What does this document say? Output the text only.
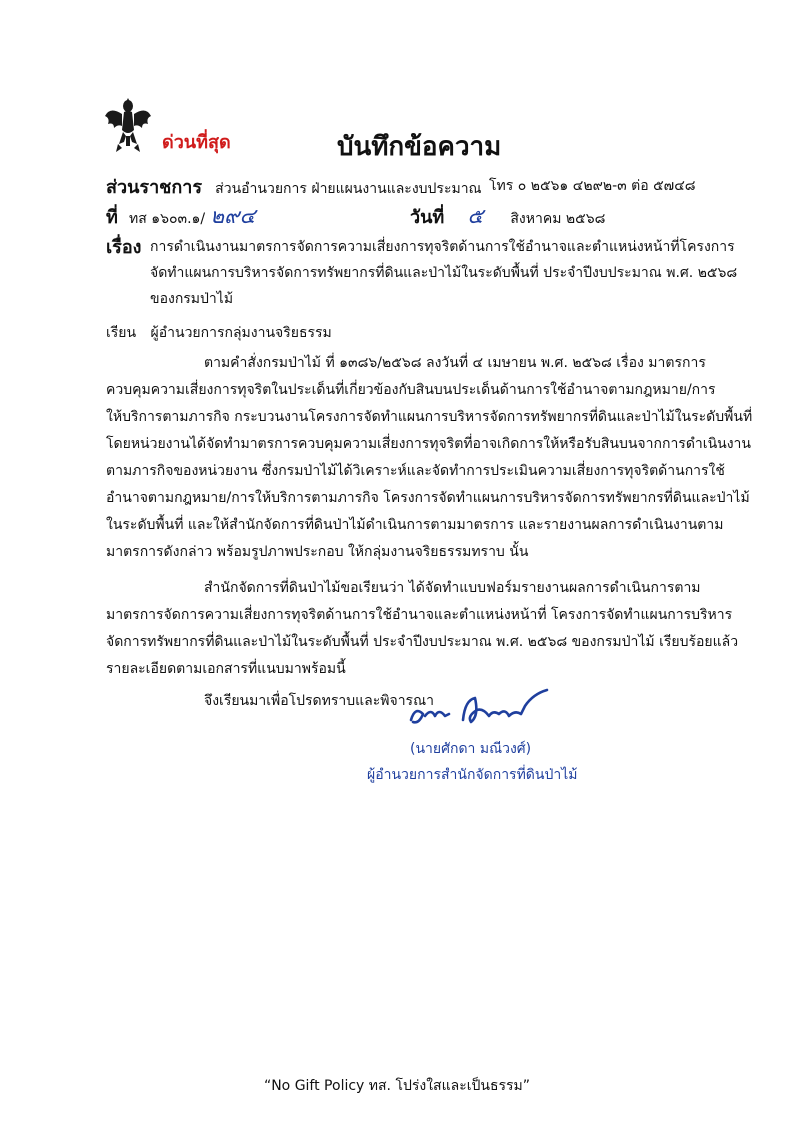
ด่วนที่สุด	บันทึกข้อความ
ส่วนราชการ ส่วนอำนวยการ ฝ่ายแผนงานและงบประมาณ โทร ๐ ๒๕๖๑ ๔๒๙๒-๓ ต่อ ๕๗๔๘
ที่ ทส ๑๖๐๓.๑/ ๒๙๔	วันที่ ๕ สิงหาคม ๒๕๖๘
เรื่อง การดำเนินงานมาตรการจัดการความเสี่ยงการทุจริตด้านการใช้อำนาจและตำแหน่งหน้าที่โครงการ
จัดทำแผนการบริหารจัดการทรัพยากรที่ดินและป่าไม้ในระดับพื้นที่ ประจำปีงบประมาณ พ.ศ. ๒๕๖๘
ของกรมป่าไม้
เรียน ผู้อำนวยการกลุ่มงานจริยธรรม
ตามคำสั่งกรมป่าไม้ ที่ ๑๓๘๖/๒๕๖๘ ลงวันที่ ๔ เมษายน พ.ศ. ๒๕๖๘ เรื่อง มาตรการ
ควบคุมความเสี่ยงการทุจริตในประเด็นที่เกี่ยวข้องกับสินบนประเด็นด้านการใช้อำนาจตามกฎหมาย/การ
ให้บริการตามภารกิจ กระบวนงานโครงการจัดทำแผนการบริหารจัดการทรัพยากรที่ดินและป่าไม้ในระดับพื้นที่
โดยหน่วยงานได้จัดทำมาตรการควบคุมความเสี่ยงการทุจริตที่อาจเกิดการให้หรือรับสินบนจากการดำเนินงาน
ตามภารกิจของหน่วยงาน ซึ่งกรมป่าไม้ได้วิเคราะห์และจัดทำการประเมินความเสี่ยงการทุจริตด้านการใช้
อำนาจตามกฎหมาย/การให้บริการตามภารกิจ โครงการจัดทำแผนการบริหารจัดการทรัพยากรที่ดินและป่าไม้
ในระดับพื้นที่ และให้สำนักจัดการที่ดินป่าไม้ดำเนินการตามมาตรการ และรายงานผลการดำเนินงานตาม
มาตรการดังกล่าว พร้อมรูปภาพประกอบ ให้กลุ่มงานจริยธรรมทราบ นั้น
สำนักจัดการที่ดินป่าไม้ขอเรียนว่า ได้จัดทำแบบฟอร์มรายงานผลการดำเนินการตาม
มาตรการจัดการความเสี่ยงการทุจริตด้านการใช้อำนาจและตำแหน่งหน้าที่ โครงการจัดทำแผนการบริหาร
จัดการทรัพยากรที่ดินและป่าไม้ในระดับพื้นที่ ประจำปีงบประมาณ พ.ศ. ๒๕๖๘ ของกรมป่าไม้ เรียบร้อยแล้ว
รายละเอียดตามเอกสารที่แนบมาพร้อมนี้
จึงเรียนมาเพื่อโปรดทราบและพิจารณา
(นายศักดา มณีวงศ์)
ผู้อำนวยการสำนักจัดการที่ดินป่าไม้
“No Gift Policy ทส. โปร่งใสและเป็นธรรม”
